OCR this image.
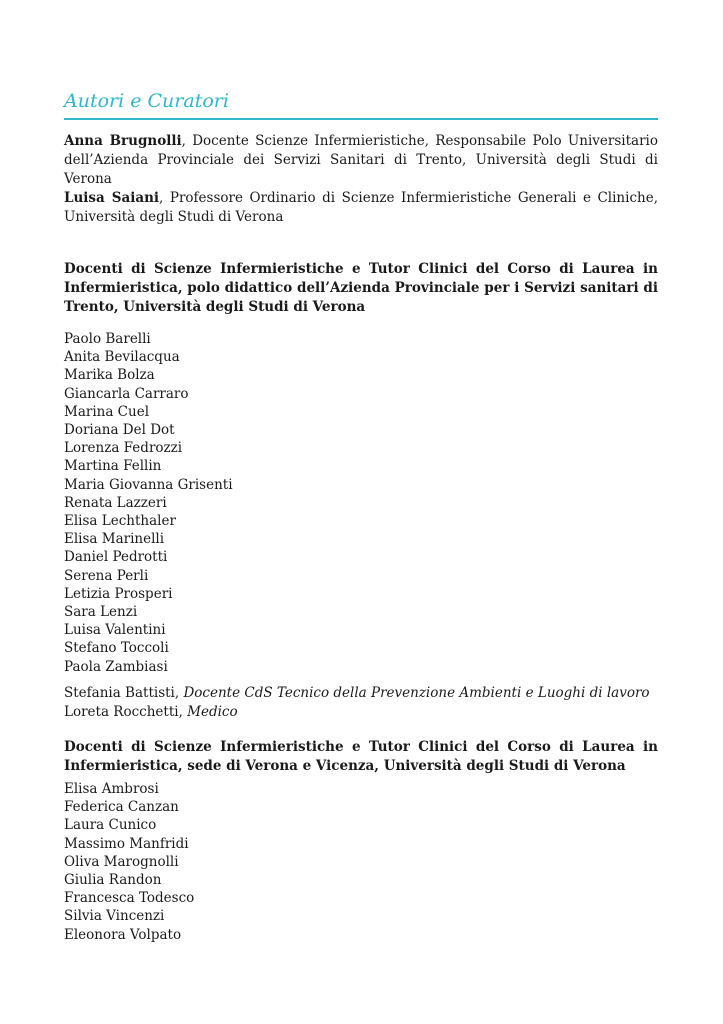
Autori e Curatori

Anna Brugnolli, Docente Scienze Infermieristiche, Responsabile Polo Universitario dell’Azienda Provinciale dei Servizi Sanitari di Trento, Università degli Studi di Verona

Luisa Saiani, Professore Ordinario di Scienze Infermieristiche Generali e Cliniche, Università degli Studi di Verona

Docenti di Scienze Infermieristiche e Tutor Clinici del Corso di Laurea in Infermieristica, polo didattico dell’Azienda Provinciale per i Servizi sanitari di Trento, Università degli Studi di Verona

Paolo Barelli
Anita Bevilacqua
Marika Bolza
Giancarla Carraro
Marina Cuel
Doriana Del Dot
Lorenza Fedrozzi
Martina Fellin
Maria Giovanna Grisenti
Renata Lazzeri
Elisa Lechthaler
Elisa Marinelli
Daniel Pedrotti
Serena Perli
Letizia Prosperi
Sara Lenzi
Luisa Valentini
Stefano Toccoli
Paola Zambiasi
Stefania Battisti, Docente CdS Tecnico della Prevenzione Ambienti e Luoghi di lavoro
Loreta Rocchetti, Medico

Docenti di Scienze Infermieristiche e Tutor Clinici del Corso di Laurea in Infermieristica, sede di Verona e Vicenza, Università degli Studi di Verona

Elisa Ambrosi
Federica Canzan
Laura Cunico
Massimo Manfridi
Oliva Marognolli
Giulia Randon
Francesca Todesco
Silvia Vincenzi
Eleonora Volpato
